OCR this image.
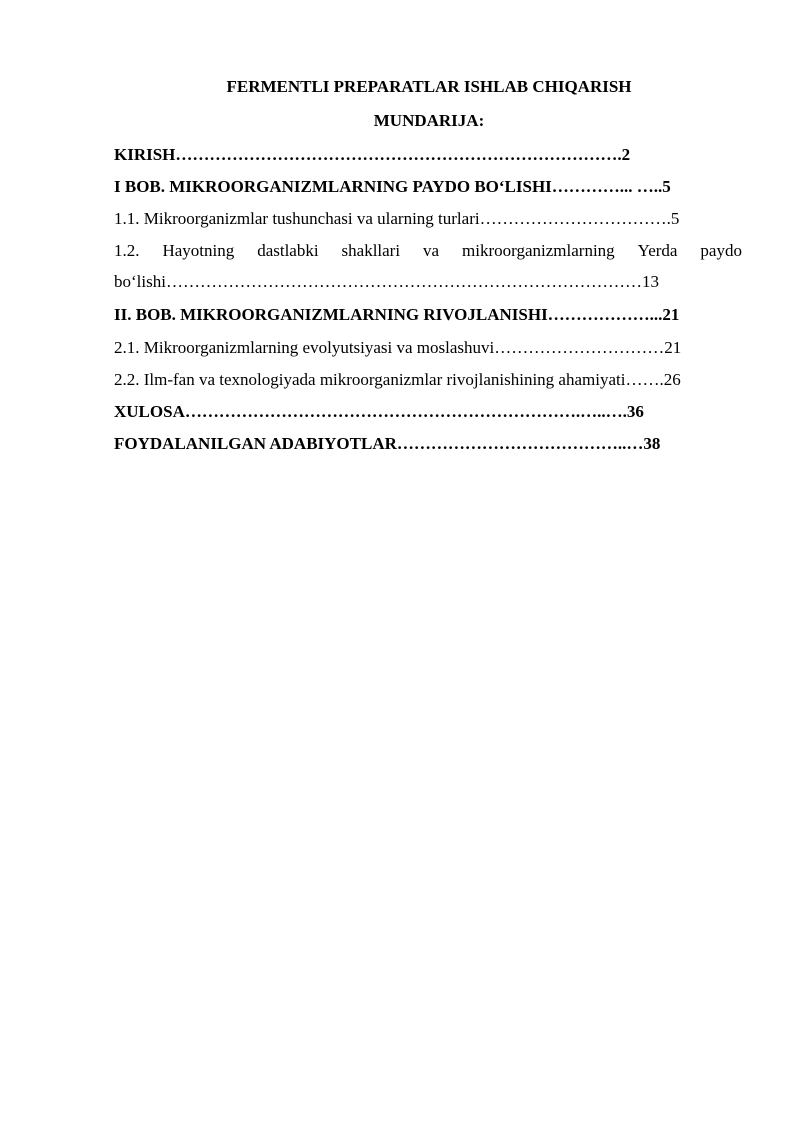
FERMENTLI PREPARATLAR ISHLAB CHIQARISH
MUNDARIJA:
KIRISH…………………………………………………………………….2
I BOB. MIKROORGANIZMLARNING PAYDO BO‘LISHI…………... …..5
1.1. Mikroorganizmlar tushunchasi va ularning turlari…………………………….5
1.2. Hayotning dastlabki shakllari va mikroorganizmlarning Yerda paydo
bo‘lishi…………………………………………………………………………13
II. BOB. MIKROORGANIZMLARNING RIVOJLANISHI………………...21
2.1. Mikroorganizmlarning evolyutsiyasi va moslashuvi…………………………21
2.2. Ilm-fan va texnologiyada mikroorganizmlar rivojlanishining ahamiyati…….26
XULOSA…………………………………………………………….…..….36
FOYDALANILGAN ADABIYOTLAR…………………………………..…38
